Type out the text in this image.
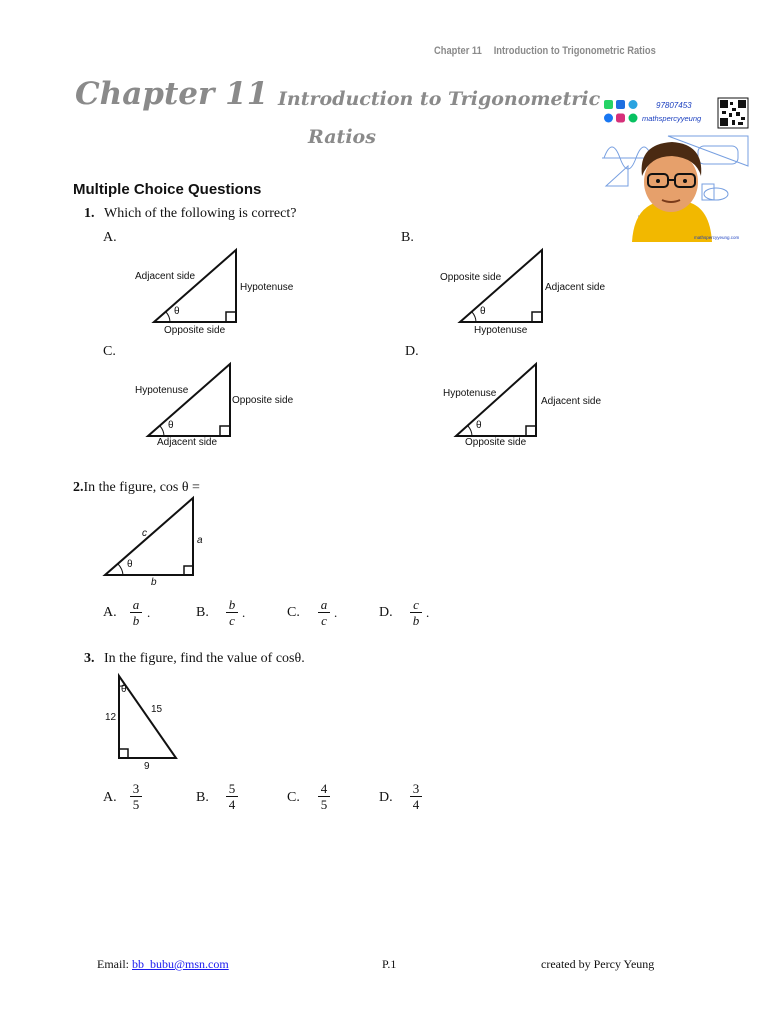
Chapter 11 Introduction to Trigonometric Ratios
Chapter 11 Introduction to Trigonometric
Ratios
97807453
mathspercyyeung
mathspercyyeung.com
Multiple Choice Questions
1. Which of the following is correct?
A.
θ
Adjacent side
Hypotenuse
Opposite side
B.
θ
Opposite side
Adjacent side
Hypotenuse
C.
θ
Hypotenuse
Opposite side
Adjacent side
D.
θ
Hypotenuse
Adjacent side
Opposite side
2.In the figure, cos θ =
θ
c
a
b
A.
a
b
.	B.
b
c
.	C.
a
c
.	D.
c
b
.
3. In the figure, find the value of cosθ.
θ
12
15
9
A.
3
5	B.
5
4	C.
4
5	D.
3
4
Email: bb_bubu@msn.com	P.1	created by Percy Yeung
